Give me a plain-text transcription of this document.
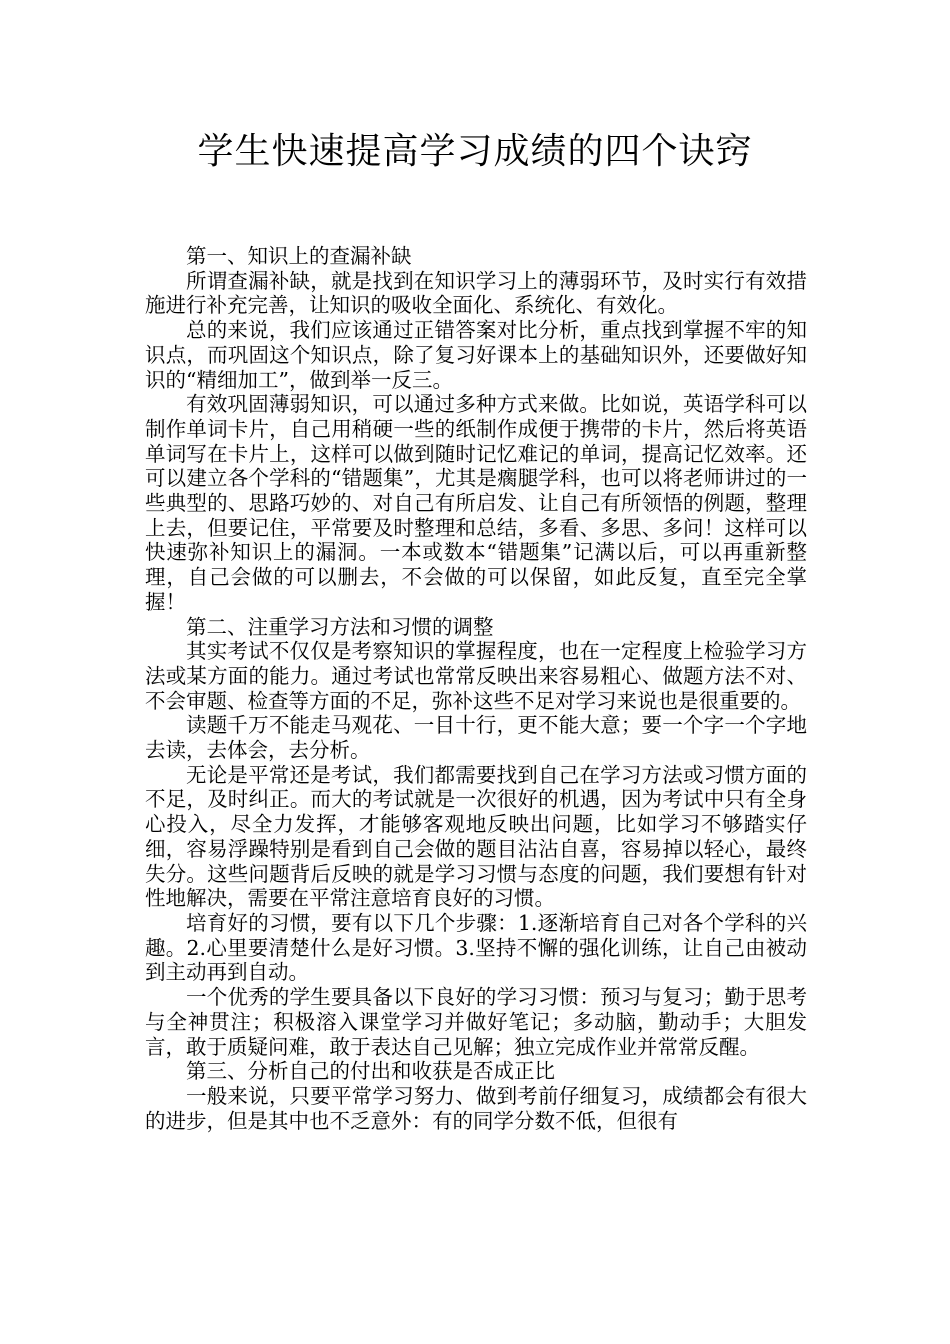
学生快速提高学习成绩的四个诀窍

第一、知识上的查漏补缺

所谓查漏补缺，就是找到在知识学习上的薄弱环节，及时实行有效措施进行补充完善，让知识的吸收全面化、系统化、有效化。

总的来说，我们应该通过正错答案对比分析，重点找到掌握不牢的知识点，而巩固这个知识点，除了复习好课本上的基础知识外，还要做好知识的“精细加工”，做到举一反三。

有效巩固薄弱知识，可以通过多种方式来做。比如说，英语学科可以制作单词卡片，自己用稍硬一些的纸制作成便于携带的卡片，然后将英语单词写在卡片上，这样可以做到随时记忆难记的单词，提高记忆效率。还可以建立各个学科的“错题集”，尤其是瘸腿学科，也可以将老师讲过的一些典型的、思路巧妙的、对自己有所启发、让自己有所领悟的例题，整理上去，但要记住，平常要及时整理和总结，多看、多思、多问！这样可以快速弥补知识上的漏洞。一本或数本“错题集”记满以后，可以再重新整理，自己会做的可以删去，不会做的可以保留，如此反复，直至完全掌握！

第二、注重学习方法和习惯的调整

其实考试不仅仅是考察知识的掌握程度，也在一定程度上检验学习方法或某方面的能力。通过考试也常常反映出来容易粗心、做题方法不对、不会审题、检查等方面的不足，弥补这些不足对学习来说也是很重要的。

读题千万不能走马观花、一目十行，更不能大意；要一个字一个字地去读，去体会，去分析。

无论是平常还是考试，我们都需要找到自己在学习方法或习惯方面的不足，及时纠正。而大的考试就是一次很好的机遇，因为考试中只有全身心投入，尽全力发挥，才能够客观地反映出问题，比如学习不够踏实仔细，容易浮躁特别是看到自己会做的题目沾沾自喜，容易掉以轻心，最终失分。这些问题背后反映的就是学习习惯与态度的问题，我们要想有针对性地解决，需要在平常注意培育良好的习惯。

培育好的习惯，要有以下几个步骤：1.逐渐培育自己对各个学科的兴趣。2.心里要清楚什么是好习惯。3.坚持不懈的强化训练，让自己由被动到主动再到自动。

一个优秀的学生要具备以下良好的学习习惯：预习与复习；勤于思考与全神贯注；积极溶入课堂学习并做好笔记；多动脑，勤动手；大胆发言，敢于质疑问难，敢于表达自己见解；独立完成作业并常常反醒。

第三、分析自己的付出和收获是否成正比

一般来说，只要平常学习努力、做到考前仔细复习，成绩都会有很大的进步，但是其中也不乏意外：有的同学分数不低，但很有
